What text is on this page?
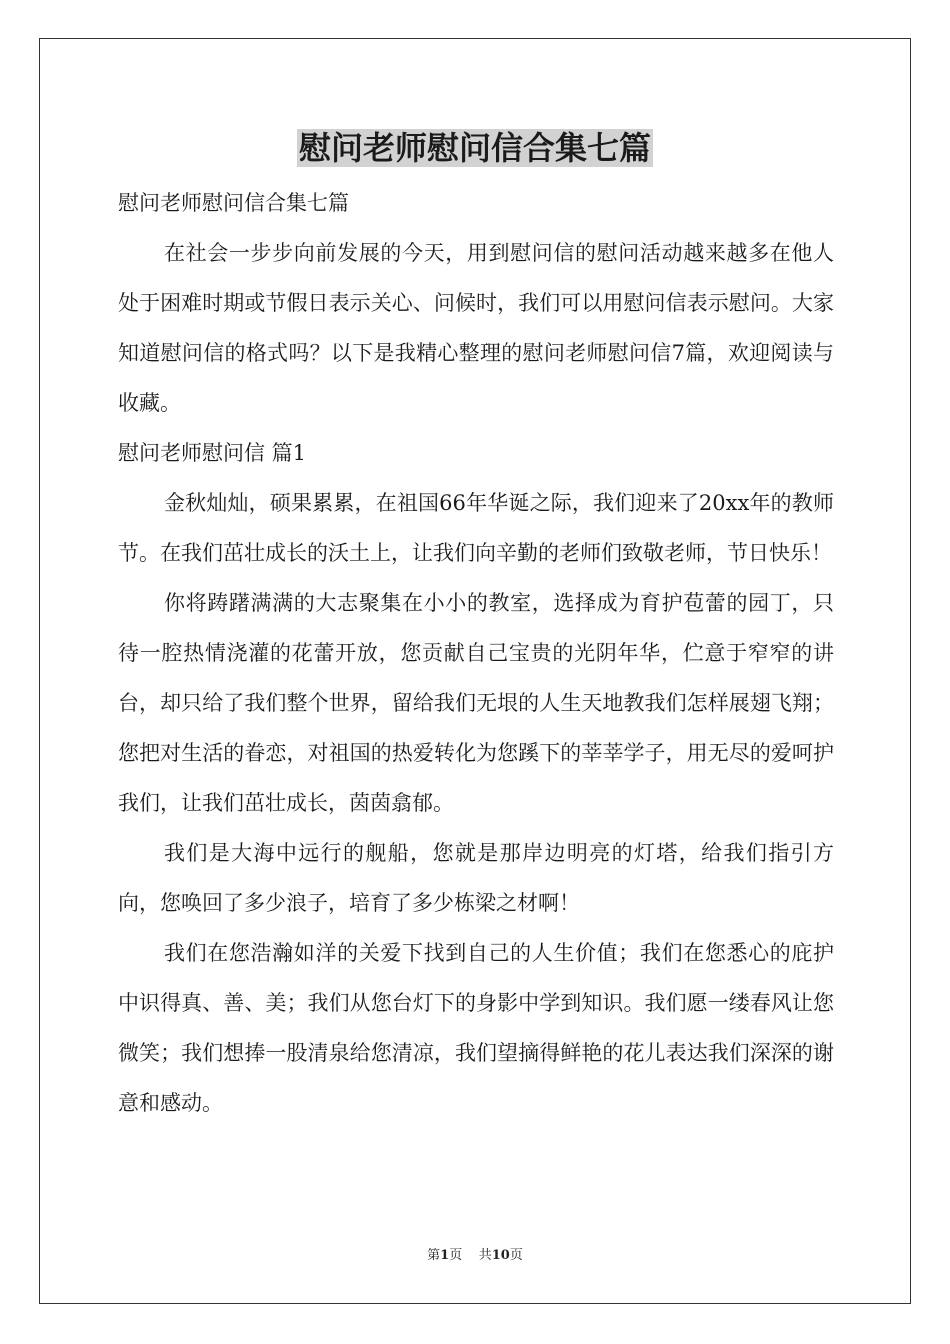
慰问老师慰问信合集七篇

慰问老师慰问信合集七篇

在社会一步步向前发展的今天，用到慰问信的慰问活动越来越多在他人处于困难时期或节假日表示关心、问候时，我们可以用慰问信表示慰问。大家知道慰问信的格式吗？以下是我精心整理的慰问老师慰问信7篇，欢迎阅读与收藏。

慰问老师慰问信 篇1

金秋灿灿，硕果累累，在祖国66年华诞之际，我们迎来了20xx年的教师节。在我们茁壮成长的沃土上，让我们向辛勤的老师们致敬老师，节日快乐！

你将踌躇满满的大志聚集在小小的教室，选择成为育护苞蕾的园丁，只待一腔热情浇灌的花蕾开放，您贡献自己宝贵的光阴年华，伫意于窄窄的讲台，却只给了我们整个世界，留给我们无垠的人生天地教我们怎样展翅飞翔；您把对生活的眷恋，对祖国的热爱转化为您蹊下的莘莘学子，用无尽的爱呵护我们，让我们茁壮成长，茵茵翕郁。

我们是大海中远行的舰船，您就是那岸边明亮的灯塔，给我们指引方向，您唤回了多少浪子，培育了多少栋梁之材啊！

我们在您浩瀚如洋的关爱下找到自己的人生价值；我们在您悉心的庇护中识得真、善、美；我们从您台灯下的身影中学到知识。我们愿一缕春风让您微笑；我们想捧一股清泉给您清凉，我们望摘得鲜艳的花儿表达我们深深的谢意和感动。

第1页 共10页
